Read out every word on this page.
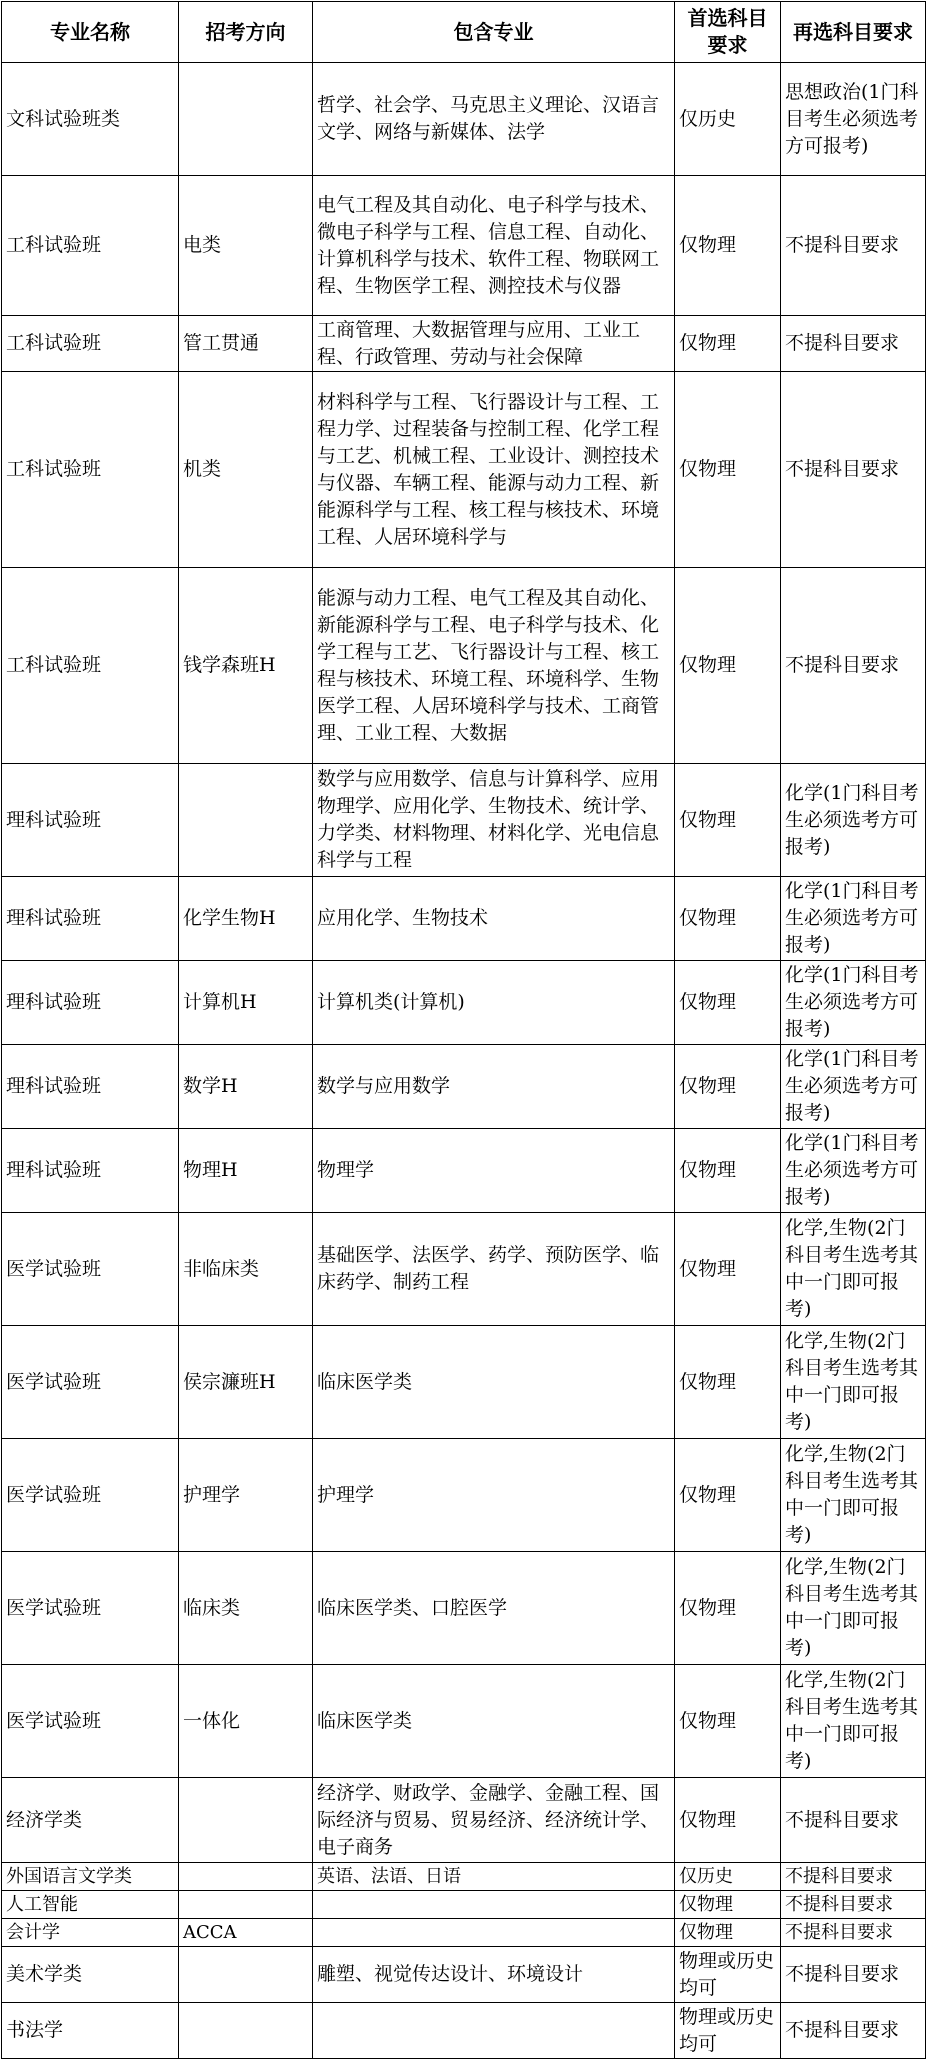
专业名称	招考方向	包含专业	首选科目要求	再选科目要求
文科试验班类		哲学、社会学、马克思主义理论、汉语言文学、网络与新媒体、法学	仅历史	思想政治(1门科目考生必须选考方可报考)
工科试验班	电类	电气工程及其自动化、电子科学与技术、微电子科学与工程、信息工程、自动化、计算机科学与技术、软件工程、物联网工程、生物医学工程、测控技术与仪器	仅物理	不提科目要求
工科试验班	管工贯通	工商管理、大数据管理与应用、工业工程、行政管理、劳动与社会保障	仅物理	不提科目要求
工科试验班	机类	材料科学与工程、飞行器设计与工程、工程力学、过程装备与控制工程、化学工程与工艺、机械工程、工业设计、测控技术与仪器、车辆工程、能源与动力工程、新能源科学与工程、核工程与核技术、环境工程、人居环境科学与	仅物理	不提科目要求
工科试验班	钱学森班H	能源与动力工程、电气工程及其自动化、新能源科学与工程、电子科学与技术、化学工程与工艺、飞行器设计与工程、核工程与核技术、环境工程、环境科学、生物医学工程、人居环境科学与技术、工商管理、工业工程、大数据	仅物理	不提科目要求
理科试验班		数学与应用数学、信息与计算科学、应用物理学、应用化学、生物技术、统计学、力学类、材料物理、材料化学、光电信息科学与工程	仅物理	化学(1门科目考生必须选考方可报考)
理科试验班	化学生物H	应用化学、生物技术	仅物理	化学(1门科目考生必须选考方可报考)
理科试验班	计算机H	计算机类(计算机)	仅物理	化学(1门科目考生必须选考方可报考)
理科试验班	数学H	数学与应用数学	仅物理	化学(1门科目考生必须选考方可报考)
理科试验班	物理H	物理学	仅物理	化学(1门科目考生必须选考方可报考)
医学试验班	非临床类	基础医学、法医学、药学、预防医学、临床药学、制药工程	仅物理	化学,生物(2门科目考生选考其中一门即可报考)
医学试验班	侯宗濂班H	临床医学类	仅物理	化学,生物(2门科目考生选考其中一门即可报考)
医学试验班	护理学	护理学	仅物理	化学,生物(2门科目考生选考其中一门即可报考)
医学试验班	临床类	临床医学类、口腔医学	仅物理	化学,生物(2门科目考生选考其中一门即可报考)
医学试验班	一体化	临床医学类	仅物理	化学,生物(2门科目考生选考其中一门即可报考)
经济学类		经济学、财政学、金融学、金融工程、国际经济与贸易、贸易经济、经济统计学、电子商务	仅物理	不提科目要求
外国语言文学类		英语、法语、日语	仅历史	不提科目要求
人工智能			仅物理	不提科目要求
会计学	ACCA		仅物理	不提科目要求
美术学类		雕塑、视觉传达设计、环境设计	物理或历史均可	不提科目要求
书法学			物理或历史均可	不提科目要求
